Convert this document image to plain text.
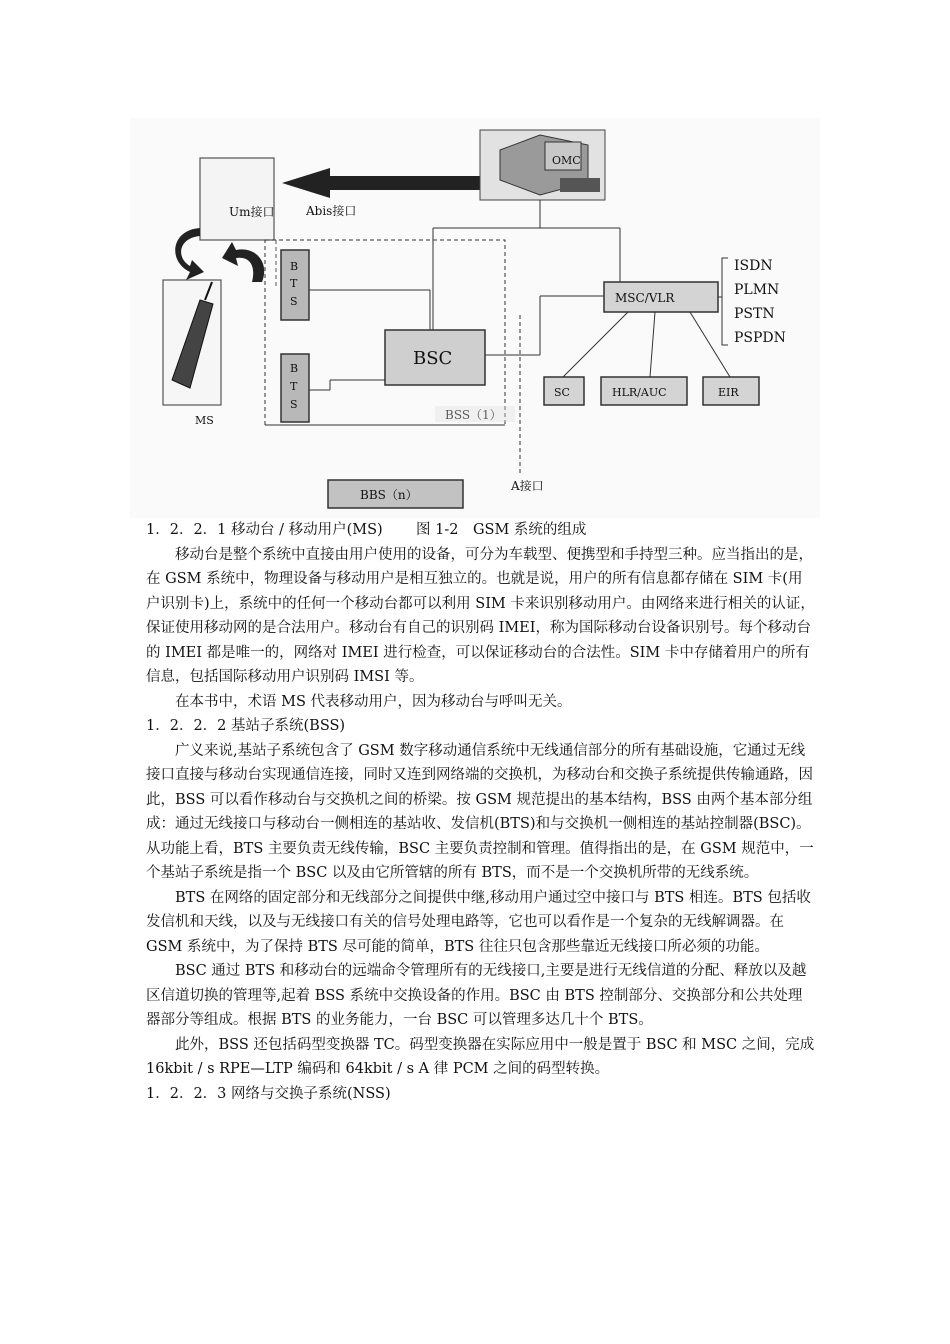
Um接口	Abis接口
OMC
B
T
S
B
T
S
BSC
MSC/VLR
ISDN
PLMN
PSTN
PSPDN
SC	HLR/AUC	EIR
A接口
BSS（1）
BBS（n）
MS
1．2．2．1 移动台 / 移动用户(MS) 图 1-2　GSM 系统的组成

移动台是整个系统中直接由用户使用的设备，可分为车载型、便携型和手持型三种。应当指出的是，在 GSM 系统中，物理设备与移动用户是相互独立的。也就是说，用户的所有信息都存储在 SIM 卡(用户识别卡)上，系统中的任何一个移动台都可以利用 SIM 卡来识别移动用户。由网络来进行相关的认证，保证使用移动网的是合法用户。移动台有自己的识别码 IMEI，称为国际移动台设备识别号。每个移动台的 IMEI 都是唯一的，网络对 IMEI 进行检查，可以保证移动台的合法性。SIM 卡中存储着用户的所有信息，包括国际移动用户识别码 IMSI 等。

在本书中，术语 MS 代表移动用户，因为移动台与呼叫无关。

1．2．2．2 基站子系统(BSS)

广义来说,基站子系统包含了 GSM 数字移动通信系统中无线通信部分的所有基础设施，它通过无线接口直接与移动台实现通信连接，同时又连到网络端的交换机，为移动台和交换子系统提供传输通路，因此，BSS 可以看作移动台与交换机之间的桥梁。按 GSM 规范提出的基本结构，BSS 由两个基本部分组成：通过无线接口与移动台一侧相连的基站收、发信机(BTS)和与交换机一侧相连的基站控制器(BSC)。从功能上看，BTS 主要负责无线传输，BSC 主要负责控制和管理。值得指出的是，在 GSM 规范中，一个基站子系统是指一个 BSC 以及由它所管辖的所有 BTS，而不是一个交换机所带的无线系统。

BTS 在网络的固定部分和无线部分之间提供中继,移动用户通过空中接口与 BTS 相连。BTS 包括收发信机和天线，以及与无线接口有关的信号处理电路等，它也可以看作是一个复杂的无线解调器。在 GSM 系统中，为了保持 BTS 尽可能的简单，BTS 往往只包含那些靠近无线接口所必须的功能。

BSC 通过 BTS 和移动台的远端命令管理所有的无线接口,主要是进行无线信道的分配、释放以及越区信道切换的管理等,起着 BSS 系统中交换设备的作用。BSC 由 BTS 控制部分、交换部分和公共处理器部分等组成。根据 BTS 的业务能力，一台 BSC 可以管理多达几十个 BTS。

此外，BSS 还包括码型变换器 TC。码型变换器在实际应用中一般是置于 BSC 和 MSC 之间，完成 16kbit / s RPE—LTP 编码和 64kbit / s A 律 PCM 之间的码型转换。

1．2．2．3 网络与交换子系统(NSS)
